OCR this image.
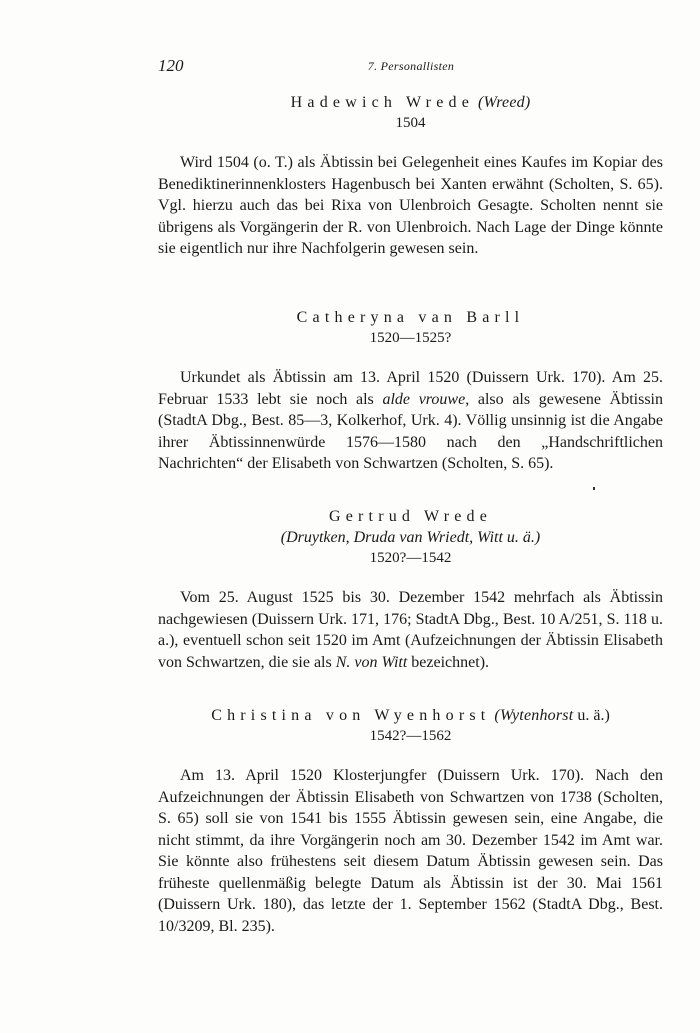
120	7. Personallisten
Hadewich Wrede (Wreed)
1504

Wird 1504 (o. T.) als Äbtissin bei Gelegenheit eines Kaufes im Kopiar des Benediktinerinnenklosters Hagenbusch bei Xanten erwähnt (Scholten, S. 65). Vgl. hierzu auch das bei Rixa von Ulenbroich Gesagte. Scholten nennt sie übrigens als Vorgängerin der R. von Ulenbroich. Nach Lage der Dinge könnte sie eigentlich nur ihre Nachfolgerin gewesen sein.

Catheryna van Barll
1520—1525?

Urkundet als Äbtissin am 13. April 1520 (Duissern Urk. 170). Am 25. Februar 1533 lebt sie noch als alde vrouwe, also als gewesene Äbtissin (StadtA Dbg., Best. 85—3, Kolkerhof, Urk. 4). Völlig unsinnig ist die Angabe ihrer Äbtissinnenwürde 1576—1580 nach den „Handschriftlichen Nachrichten“ der Elisabeth von Schwartzen (Scholten, S. 65).

Gertrud Wrede
(Druytken, Druda van Wriedt, Witt u. ä.)
1520?—1542

Vom 25. August 1525 bis 30. Dezember 1542 mehrfach als Äbtissin nachgewiesen (Duissern Urk. 171, 176; StadtA Dbg., Best. 10 A/251, S. 118 u. a.), eventuell schon seit 1520 im Amt (Aufzeichnungen der Äbtissin Elisabeth von Schwartzen, die sie als N. von Witt bezeichnet).

Christina von Wyenhorst (Wytenhorst u. ä.)
1542?—1562

Am 13. April 1520 Klosterjungfer (Duissern Urk. 170). Nach den Aufzeichnungen der Äbtissin Elisabeth von Schwartzen von 1738 (Scholten, S. 65) soll sie von 1541 bis 1555 Äbtissin gewesen sein, eine Angabe, die nicht stimmt, da ihre Vorgängerin noch am 30. Dezember 1542 im Amt war. Sie könnte also frühestens seit diesem Datum Äbtissin gewesen sein. Das früheste quellenmäßig belegte Datum als Äbtissin ist der 30. Mai 1561 (Duissern Urk. 180), das letzte der 1. September 1562 (StadtA Dbg., Best. 10/3209, Bl. 235).
